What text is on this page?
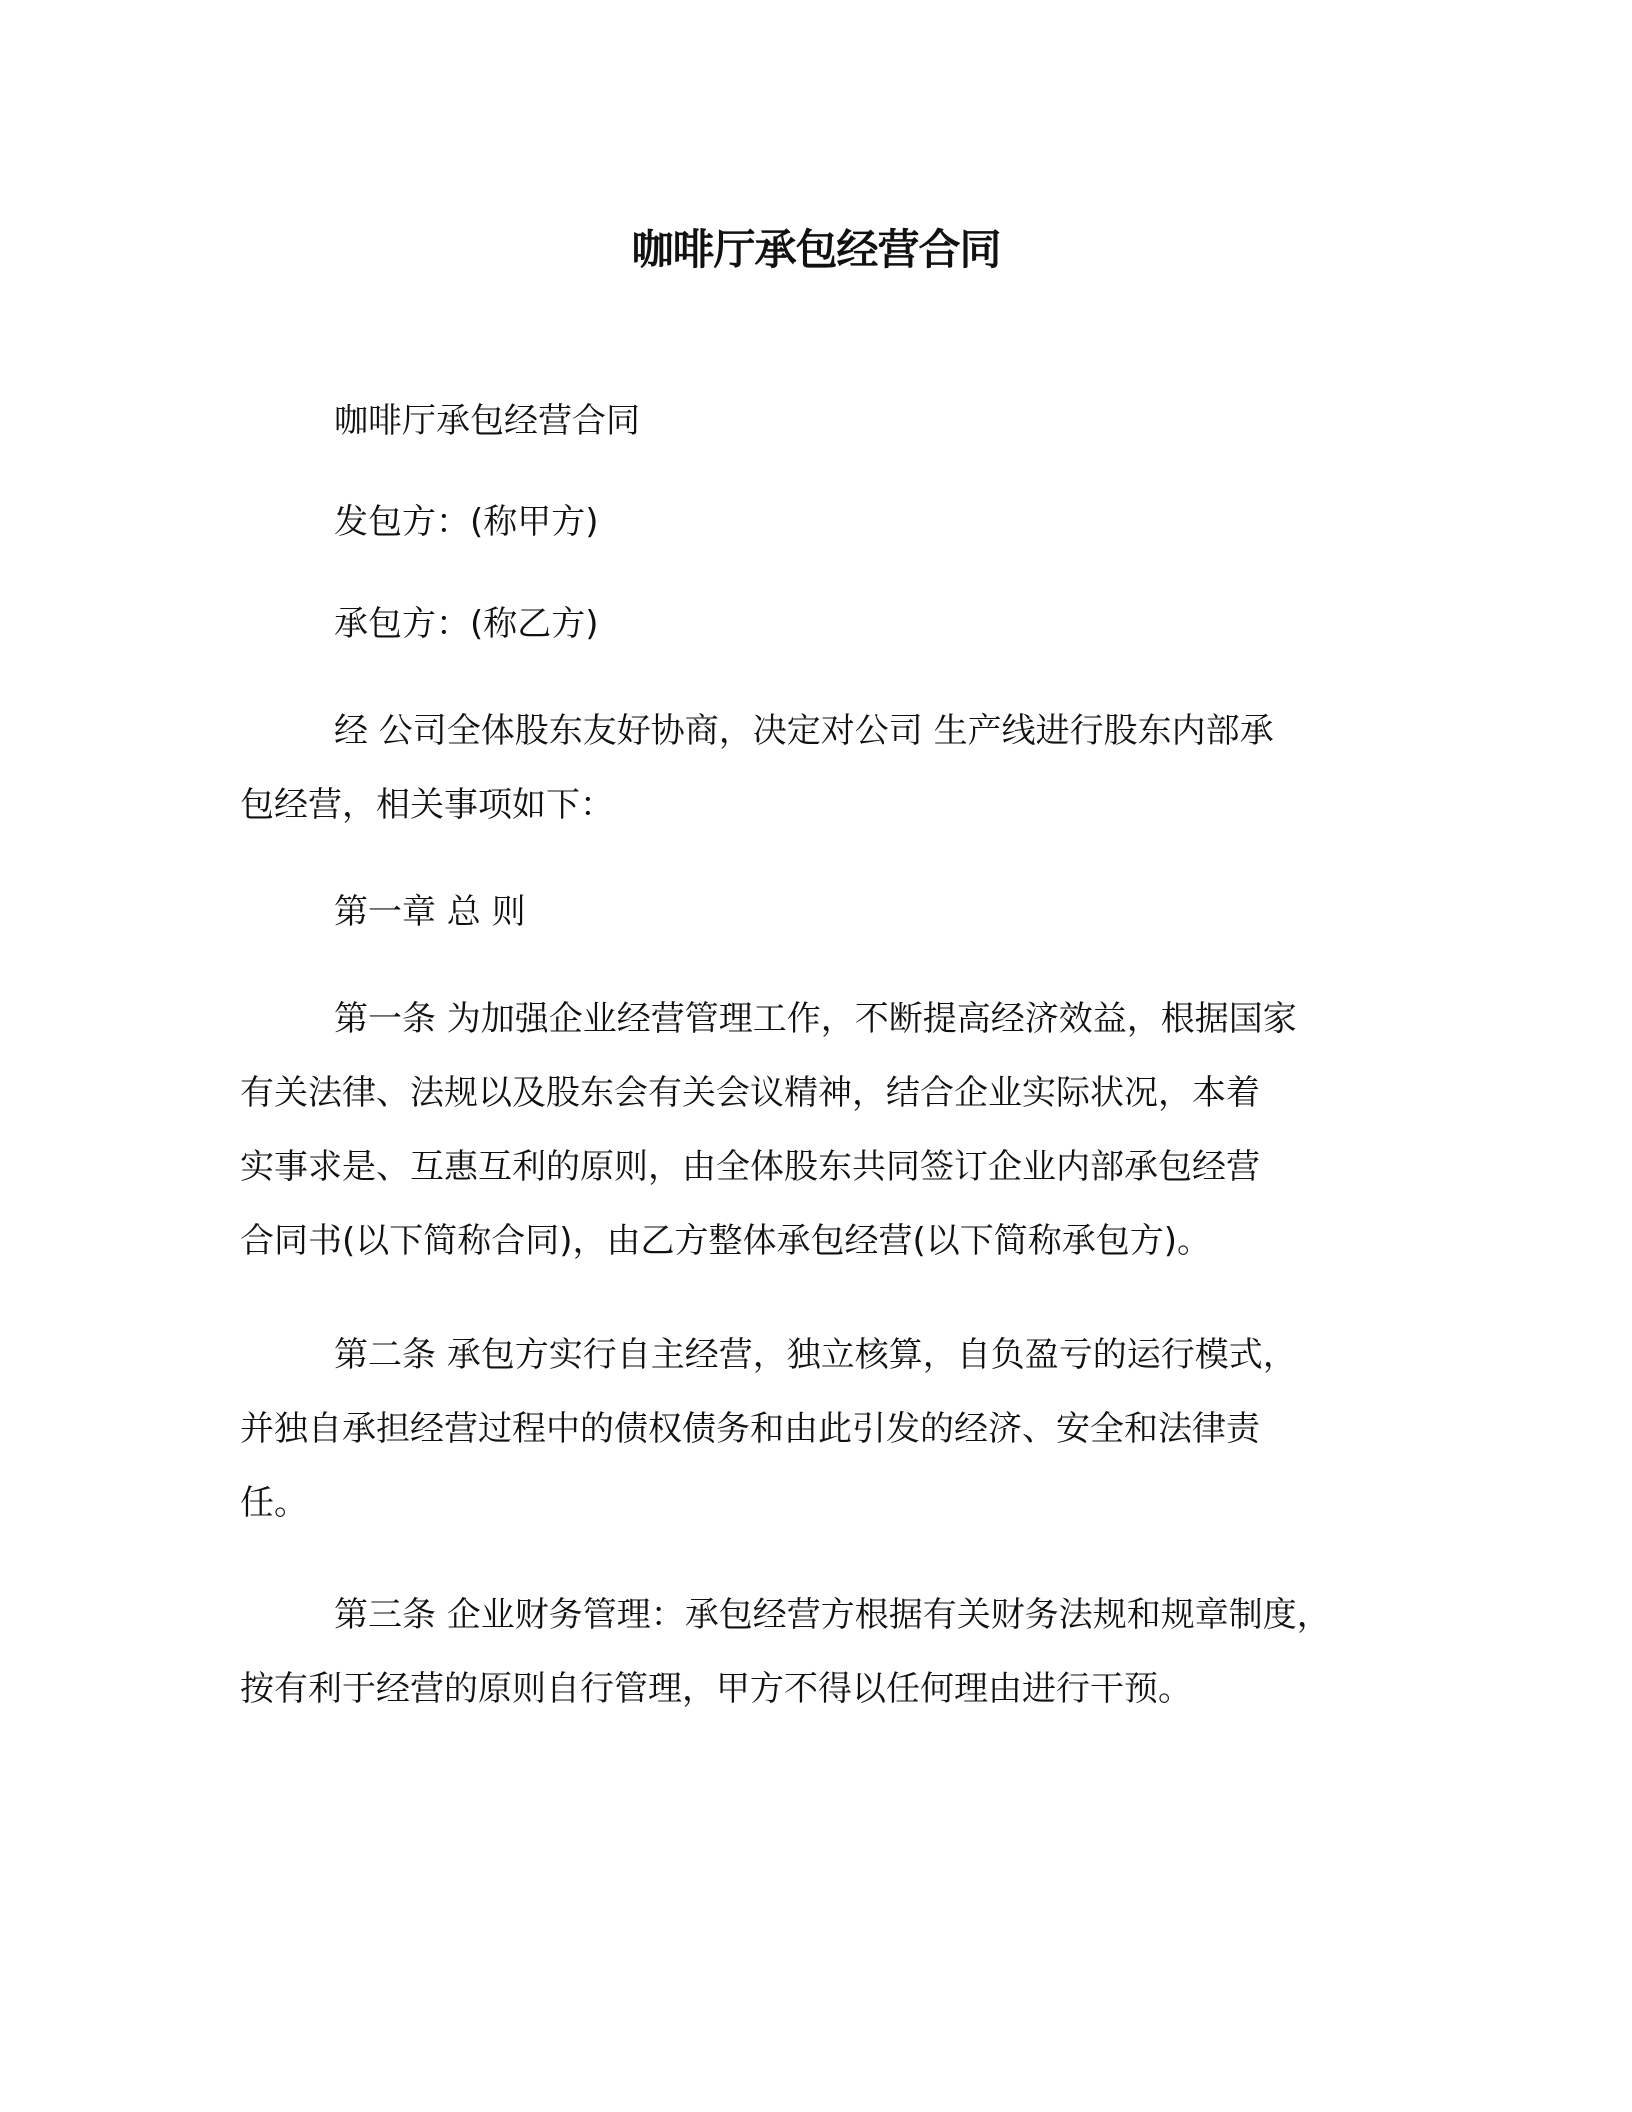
咖啡厅承包经营合同

咖啡厅承包经营合同

发包方：(称甲方)

承包方：(称乙方)

经 公司全体股东友好协商，决定对公司 生产线进行股东内部承
包经营，相关事项如下：

第一章 总 则

第一条 为加强企业经营管理工作，不断提高经济效益，根据国家
有关法律、法规以及股东会有关会议精神，结合企业实际状况，本着
实事求是、互惠互利的原则，由全体股东共同签订企业内部承包经营
合同书(以下简称合同)，由乙方整体承包经营(以下简称承包方)。
第二条 承包方实行自主经营，独立核算，自负盈亏的运行模式，
并独自承担经营过程中的债权债务和由此引发的经济、安全和法律责
任。
第三条 企业财务管理：承包经营方根据有关财务法规和规章制度，
按有利于经营的原则自行管理，甲方不得以任何理由进行干预。
